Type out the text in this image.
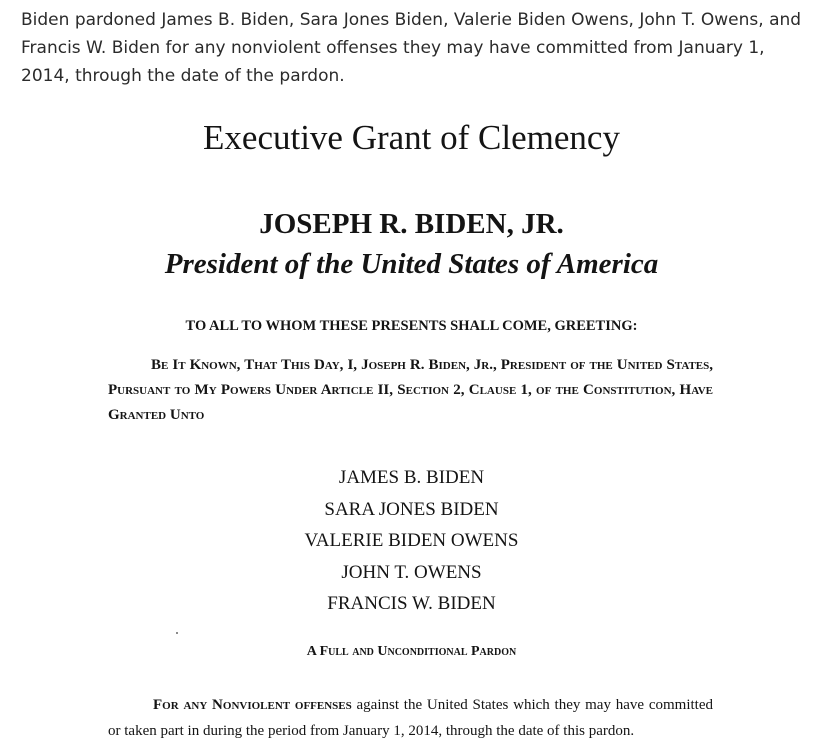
Biden pardoned James B. Biden, Sara Jones Biden, Valerie Biden Owens, John T. Owens, and Francis W. Biden for any nonviolent offenses they may have committed from January 1, 2014, through the date of the pardon.
Executive Grant of Clemency
JOSEPH R. BIDEN, JR.
President of the United States of America
TO ALL TO WHOM THESE PRESENTS SHALL COME, GREETING:
Be It Known, That This Day, I, Joseph R. Biden, Jr., President of the United States, Pursuant to My Powers Under Article II, Section 2, Clause 1, of the Constitution, Have Granted Unto
JAMES B. BIDEN
SARA JONES BIDEN
VALERIE BIDEN OWENS
JOHN T. OWENS
FRANCIS W. BIDEN
A Full and Unconditional Pardon
For any Nonviolent offenses against the United States which they may have committed or taken part in during the period from January 1, 2014, through the date of this pardon.
